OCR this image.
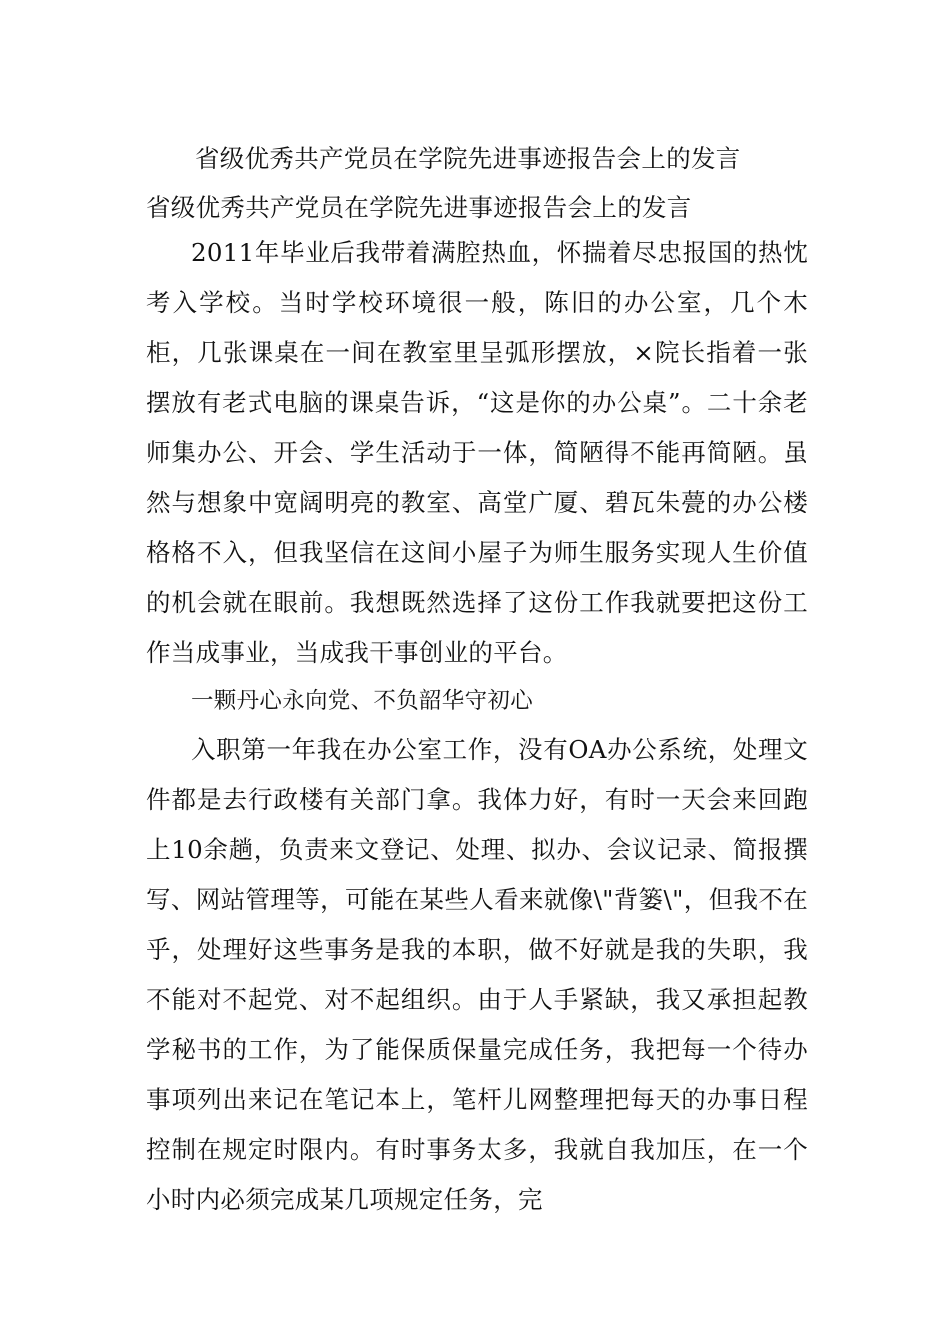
省级优秀共产党员在学院先进事迹报告会上的发言

省级优秀共产党员在学院先进事迹报告会上的发言

2011年毕业后我带着满腔热血，怀揣着尽忠报国的热忱考入学校。当时学校环境很一般，陈旧的办公室，几个木柜，几张课桌在一间在教室里呈弧形摆放，×院长指着一张摆放有老式电脑的课桌告诉，“这是你的办公桌”。二十余老师集办公、开会、学生活动于一体，简陋得不能再简陋。虽然与想象中宽阔明亮的教室、高堂广厦、碧瓦朱甍的办公楼格格不入，但我坚信在这间小屋子为师生服务实现人生价值的机会就在眼前。我想既然选择了这份工作我就要把这份工作当成事业，当成我干事创业的平台。

一颗丹心永向党、不负韶华守初心

入职第一年我在办公室工作，没有OA办公系统，处理文件都是去行政楼有关部门拿。我体力好，有时一天会来回跑上10余趟，负责来文登记、处理、拟办、会议记录、简报撰写、网站管理等，可能在某些人看来就像\"背篓\"，但我不在乎，处理好这些事务是我的本职，做不好就是我的失职，我不能对不起党、对不起组织。由于人手紧缺，我又承担起教学秘书的工作，为了能保质保量完成任务，我把每一个待办事项列出来记在笔记本上，笔杆儿网整理把每天的办事日程控制在规定时限内。有时事务太多，我就自我加压，在一个小时内必须完成某几项规定任务，完
